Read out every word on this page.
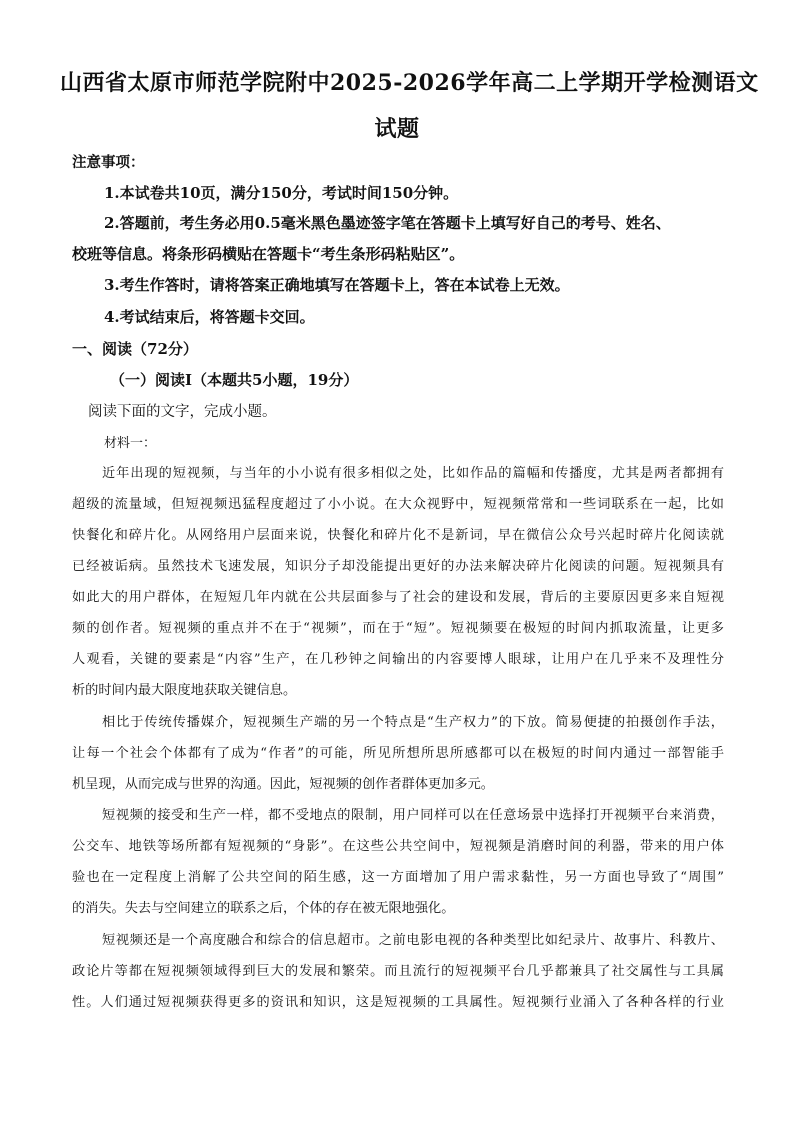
山西省太原市师范学院附中2025-2026学年高二上学期开学检测语文
试题
注意事项：
1.本试卷共10页，满分150分，考试时间150分钟。
2.答题前，考生务必用0.5毫米黑色墨迹签字笔在答题卡上填写好自己的考号、姓名、
校班等信息。将条形码横贴在答题卡“考生条形码粘贴区”。
3.考生作答时，请将答案正确地填写在答题卡上，答在本试卷上无效。
4.考试结束后，将答题卡交回。
一、阅读（72分）
（一）阅读Ⅰ（本题共5小题，19分）
阅读下面的文字，完成小题。
材料一：
近年出现的短视频，与当年的小小说有很多相似之处，比如作品的篇幅和传播度，尤其是两者都拥有
超级的流量域，但短视频迅猛程度超过了小小说。在大众视野中，短视频常常和一些词联系在一起，比如
快餐化和碎片化。从网络用户层面来说，快餐化和碎片化不是新词，早在微信公众号兴起时碎片化阅读就
已经被诟病。虽然技术飞速发展，知识分子却没能提出更好的办法来解决碎片化阅读的问题。短视频具有
如此大的用户群体，在短短几年内就在公共层面参与了社会的建设和发展，背后的主要原因更多来自短视
频的创作者。短视频的重点并不在于“视频”，而在于“短”。短视频要在极短的时间内抓取流量，让更多
人观看，关键的要素是“内容”生产，在几秒钟之间输出的内容要博人眼球，让用户在几乎来不及理性分
析的时间内最大限度地获取关键信息。
相比于传统传播媒介，短视频生产端的另一个特点是“生产权力”的下放。简易便捷的拍摄创作手法，
让每一个社会个体都有了成为“作者”的可能，所见所想所思所感都可以在极短的时间内通过一部智能手
机呈现，从而完成与世界的沟通。因此，短视频的创作者群体更加多元。
短视频的接受和生产一样，都不受地点的限制，用户同样可以在任意场景中选择打开视频平台来消费，
公交车、地铁等场所都有短视频的“身影”。在这些公共空间中，短视频是消磨时间的利器，带来的用户体
验也在一定程度上消解了公共空间的陌生感，这一方面增加了用户需求黏性，另一方面也导致了“周围”
的消失。失去与空间建立的联系之后，个体的存在被无限地强化。
短视频还是一个高度融合和综合的信息超市。之前电影电视的各种类型比如纪录片、故事片、科教片、
政论片等都在短视频领域得到巨大的发展和繁荣。而且流行的短视频平台几乎都兼具了社交属性与工具属
性。人们通过短视频获得更多的资讯和知识，这是短视频的工具属性。短视频行业涌入了各种各样的行业
